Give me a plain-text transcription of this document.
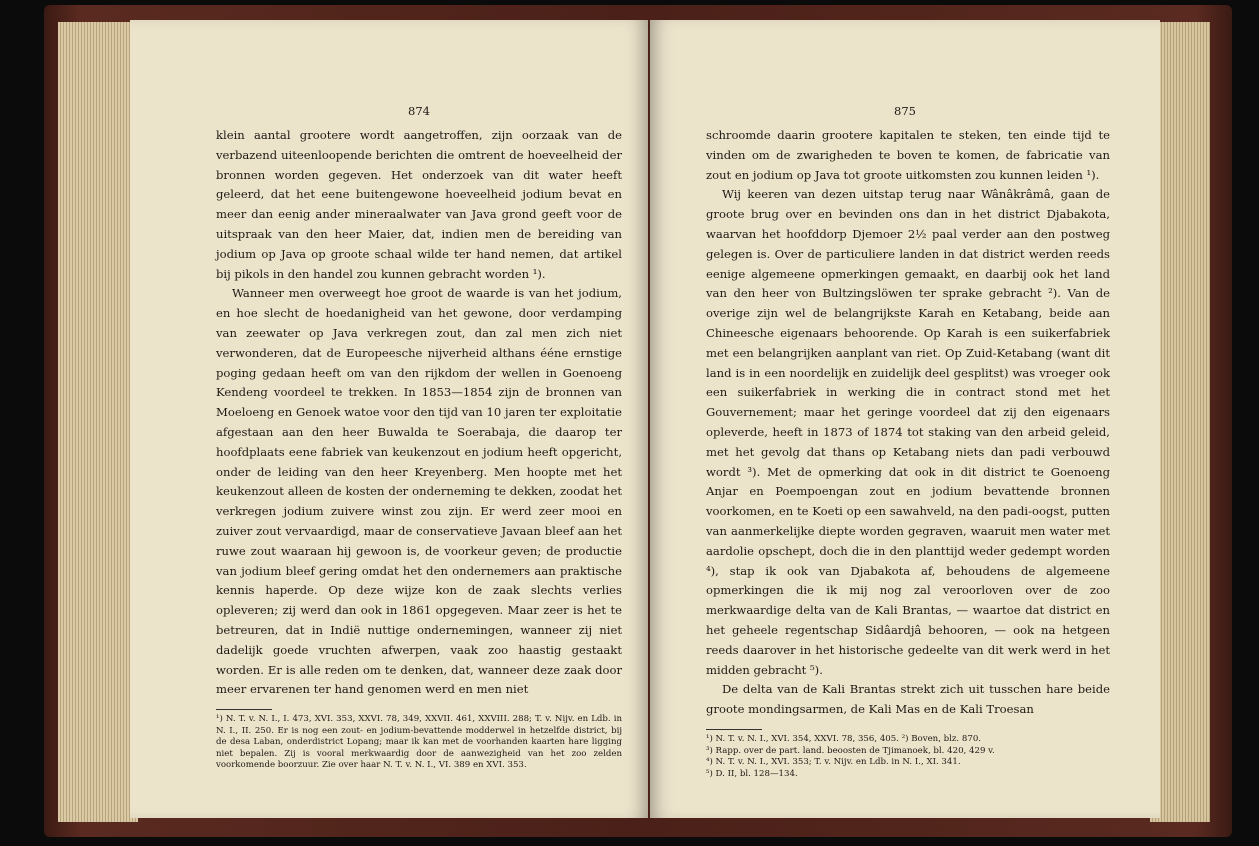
874

klein aantal grootere wordt aangetroffen, zijn oorzaak van de verbazend uiteenloopende berichten die omtrent de hoeveelheid der bronnen worden gegeven. Het onderzoek van dit water heeft geleerd, dat het eene buitengewone hoeveelheid jodium bevat en meer dan eenig ander mineraalwater van Java grond geeft voor de uitspraak van den heer Maier, dat, indien men de bereiding van jodium op Java op groote schaal wilde ter hand nemen, dat artikel bij pikols in den handel zou kunnen gebracht worden ¹).

Wanneer men overweegt hoe groot de waarde is van het jodium, en hoe slecht de hoedanigheid van het gewone, door verdamping van zeewater op Java verkregen zout, dan zal men zich niet verwonderen, dat de Europeesche nijverheid althans ééne ernstige poging gedaan heeft om van den rijkdom der wellen in Goenoeng Kendeng voordeel te trekken. In 1853—1854 zijn de bronnen van Moeloeng en Genoek watoe voor den tijd van 10 jaren ter exploitatie afgestaan aan den heer Buwalda te Soerabaja, die daarop ter hoofdplaats eene fabriek van keukenzout en jodium heeft opgericht, onder de leiding van den heer Kreyenberg. Men hoopte met het keukenzout alleen de kosten der onderneming te dekken, zoodat het verkregen jodium zuivere winst zou zijn. Er werd zeer mooi en zuiver zout vervaardigd, maar de conservatieve Javaan bleef aan het ruwe zout waaraan hij gewoon is, de voorkeur geven; de productie van jodium bleef gering omdat het den ondernemers aan praktische kennis haperde. Op deze wijze kon de zaak slechts verlies opleveren; zij werd dan ook in 1861 opgegeven. Maar zeer is het te betreuren, dat in Indië nuttige ondernemingen, wanneer zij niet dadelijk goede vruchten afwerpen, vaak zoo haastig gestaakt worden. Er is alle reden om te denken, dat, wanneer deze zaak door meer ervarenen ter hand genomen werd en men niet

¹) N. T. v. N. I., I. 473, XVI. 353, XXVI. 78, 349, XXVII. 461, XXVIII. 288; T. v. Nijv. en Ldb. in N. I., II. 250. Er is nog een zout- en jodium-bevattende modderwel in hetzelfde district, bij de desa Laban, onderdistrict Lopang; maar ik kan met de voorhanden kaarten hare ligging niet bepalen. Zij is vooral merkwaardig door de aanwezigheid van het zoo zelden voorkomende boorzuur. Zie over haar N. T. v. N. I., VI. 389 en XVI. 353.

875

schroomde daarin grootere kapitalen te steken, ten einde tijd te vinden om de zwarigheden te boven te komen, de fabricatie van zout en jodium op Java tot groote uitkomsten zou kunnen leiden ¹).

Wij keeren van dezen uitstap terug naar Wânâkrâmâ, gaan de groote brug over en bevinden ons dan in het district Djabakota, waarvan het hoofddorp Djemoer 2½ paal verder aan den postweg gelegen is. Over de particuliere landen in dat district werden reeds eenige algemeene opmerkingen gemaakt, en daarbij ook het land van den heer von Bultzingslöwen ter sprake gebracht ²). Van de overige zijn wel de belangrijkste Karah en Ketabang, beide aan Chineesche eigenaars behoorende. Op Karah is een suikerfabriek met een belangrijken aanplant van riet. Op Zuid-Ketabang (want dit land is in een noordelijk en zuidelijk deel gesplitst) was vroeger ook een suikerfabriek in werking die in contract stond met het Gouvernement; maar het geringe voordeel dat zij den eigenaars opleverde, heeft in 1873 of 1874 tot staking van den arbeid geleid, met het gevolg dat thans op Ketabang niets dan padi verbouwd wordt ³). Met de opmerking dat ook in dit district te Goenoeng Anjar en Poempoengan zout en jodium bevattende bronnen voorkomen, en te Koeti op een sawahveld, na den padi-oogst, putten van aanmerkelijke diepte worden gegraven, waaruit men water met aardolie opschept, doch die in den planttijd weder gedempt worden ⁴), stap ik ook van Djabakota af, behoudens de algemeene opmerkingen die ik mij nog zal veroorloven over de zoo merkwaardige delta van de Kali Brantas, — waartoe dat district en het geheele regentschap Sidâardjâ behooren, — ook na hetgeen reeds daarover in het historische gedeelte van dit werk werd in het midden gebracht ⁵).

De delta van de Kali Brantas strekt zich uit tusschen hare beide groote mondingsarmen, de Kali Mas en de Kali Troesan

¹) N. T. v. N. I., XVI. 354, XXVI. 78, 356, 405. ²) Boven, blz. 870.

³) Rapp. over de part. land. beoosten de Tjimanoek, bl. 420, 429 v.

⁴) N. T. v. N. I., XVI. 353; T. v. Nijv. en Ldb. in N. I., XI. 341.

⁵) D. II, bl. 128—134.
